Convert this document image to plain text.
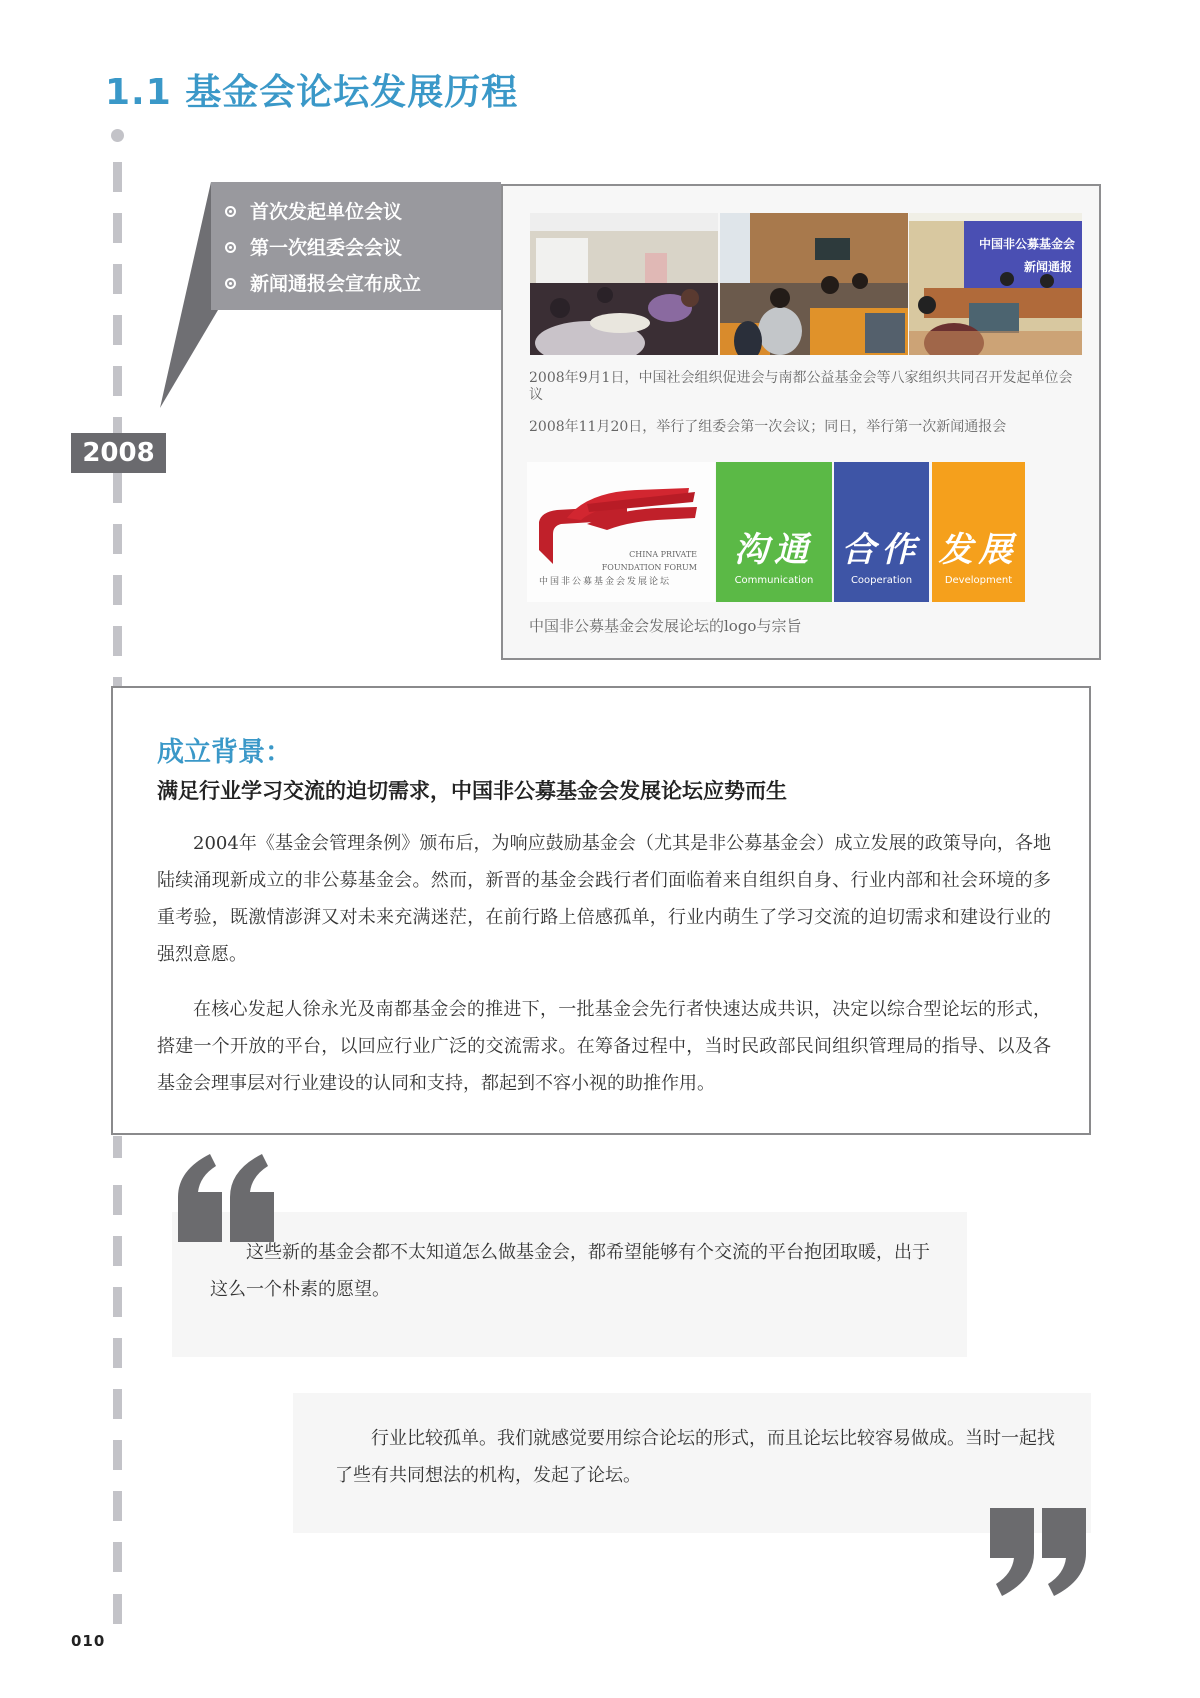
1.1 基金会论坛发展历程
首次发起单位会议
第一次组委会会议
新闻通报会宣布成立
2008
中国非公募基金会
新闻通报
2008年9月1日，中国社会组织促进会与南都公益基金会等八家组织共同召开发起单位会议
2008年11月20日，举行了组委会第一次会议；同日，举行第一次新闻通报会
CHINA PRIVATE
FOUNDATION FORUM
中国非公募基金会发展论坛
沟通
Communication
合作
Cooperation
发展
Development
中国非公募基金会发展论坛的logo与宗旨
成立背景：
满足行业学习交流的迫切需求，中国非公募基金会发展论坛应势而生

2004年《基金会管理条例》颁布后，为响应鼓励基金会（尤其是非公募基金会）成立发展的政策导向，各地陆续涌现新成立的非公募基金会。然而，新晋的基金会践行者们面临着来自组织自身、行业内部和社会环境的多重考验，既激情澎湃又对未来充满迷茫，在前行路上倍感孤单，行业内萌生了学习交流的迫切需求和建设行业的强烈意愿。

在核心发起人徐永光及南都基金会的推进下，一批基金会先行者快速达成共识，决定以综合型论坛的形式，搭建一个开放的平台，以回应行业广泛的交流需求。在筹备过程中，当时民政部民间组织管理局的指导、以及各基金会理事层对行业建设的认同和支持，都起到不容小视的助推作用。

这些新的基金会都不太知道怎么做基金会，都希望能够有个交流的平台抱团取暖，出于这么一个朴素的愿望。

行业比较孤单。我们就感觉要用综合论坛的形式，而且论坛比较容易做成。当时一起找了些有共同想法的机构，发起了论坛。

010
